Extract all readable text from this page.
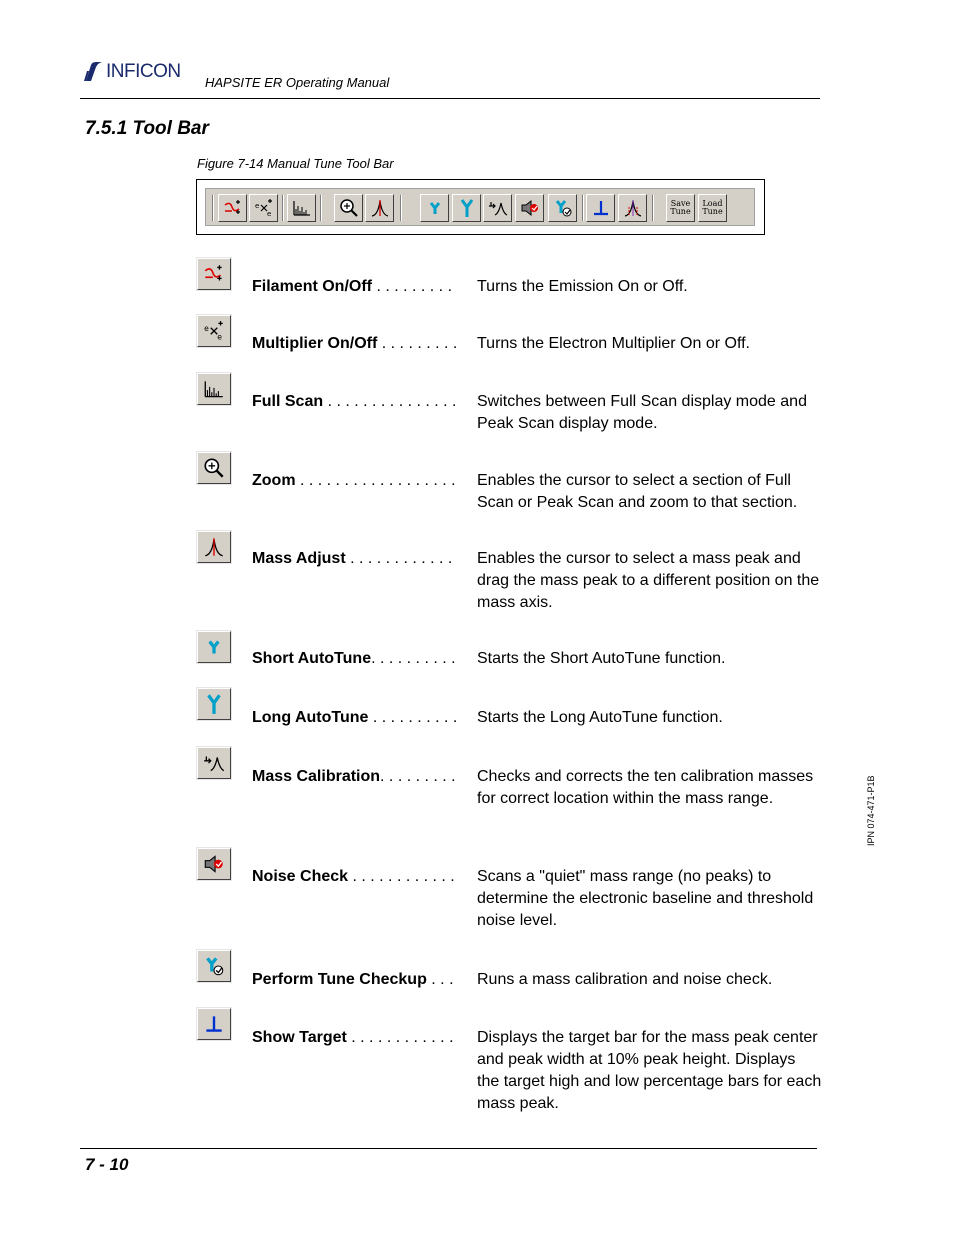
INFICON
HAPSITE ER Operating Manual
7.5.1 Tool Bar
Figure 7-14 Manual Tune Tool Bar
e
e
Save
Tune
Load
Tune
Filament On/Off . . . . . . . . . Turns the Emission On or Off.
e
e Multiplier On/Off . . . . . . . . . Turns the Electron Multiplier On or Off.
Full Scan . . . . . . . . . . . . . . . Switches between Full Scan display mode and Peak Scan display mode.
Zoom . . . . . . . . . . . . . . . . . . Enables the cursor to select a section of Full Scan or Peak Scan and zoom to that section.
Mass Adjust . . . . . . . . . . . . Enables the cursor to select a mass peak and drag the mass peak to a different position on the mass axis.
Short AutoTune. . . . . . . . . . Starts the Short AutoTune function.
Long AutoTune . . . . . . . . . . Starts the Long AutoTune function.
Mass Calibration. . . . . . . . . Checks and corrects the ten calibration masses for correct location within the mass range.
Noise Check . . . . . . . . . . . . Scans a "quiet" mass range (no peaks) to determine the electronic baseline and threshold noise level.
Perform Tune Checkup . . . Runs a mass calibration and noise check.
Show Target . . . . . . . . . . . . Displays the target bar for the mass peak center and peak width at 10% peak height. Displays the target high and low percentage bars for each mass peak.
IPN 074-471-P1B
7 - 10
